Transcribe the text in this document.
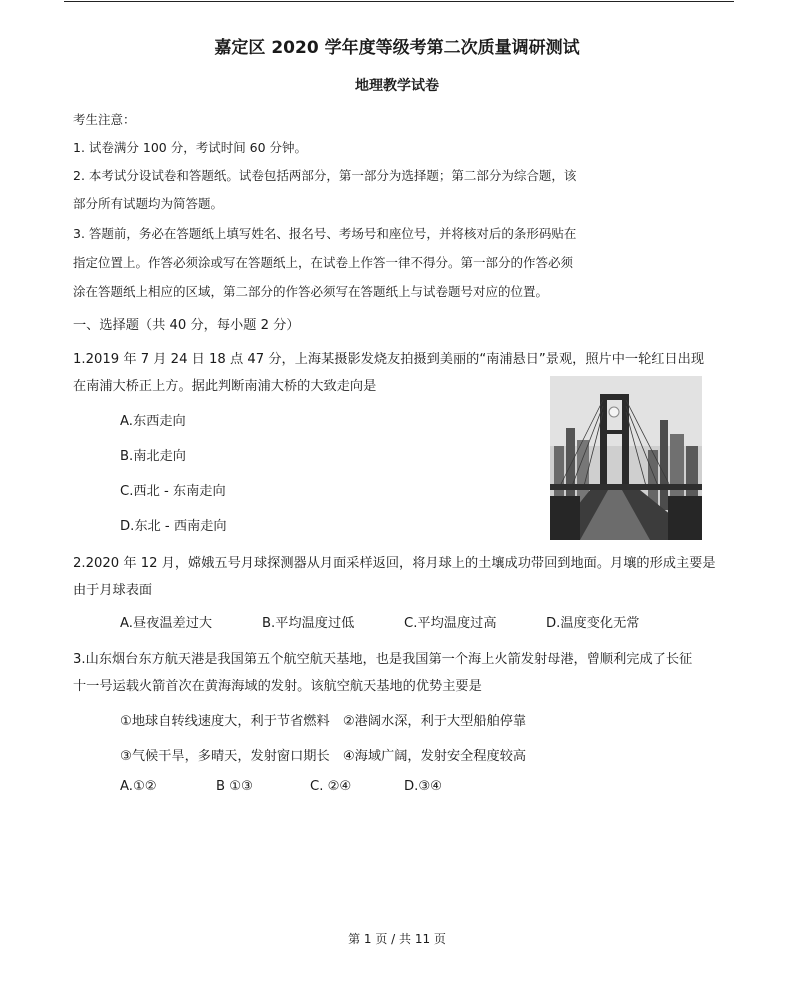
嘉定区 2020 学年度等级考第二次质量调研测试
地理教学试卷
考生注意：
1. 试卷满分 100 分，考试时间 60 分钟。
2. 本考试分设试卷和答题纸。试卷包括两部分，第一部分为选择题；第二部分为综合题，该
部分所有试题均为简答题。
3. 答题前，务必在答题纸上填写姓名、报名号、考场号和座位号，并将核对后的条形码贴在
指定位置上。作答必须涂或写在答题纸上，在试卷上作答一律不得分。第一部分的作答必须
涂在答题纸上相应的区域，第二部分的作答必须写在答题纸上与试卷题号对应的位置。
一、选择题（共 40 分，每小题 2 分）
1.2019 年 7 月 24 日 18 点 47 分，上海某摄影发烧友拍摄到美丽的“南浦悬日”景观，照片中一轮红日出现
在南浦大桥正上方。据此判断南浦大桥的大致走向是
A.东西走向
B.南北走向
C.西北 - 东南走向
D.东北 - 西南走向
2.2020 年 12 月，嫦娥五号月球探测器从月面采样返回，将月球上的土壤成功带回到地面。月壤的形成主要是
由于月球表面
A.昼夜温差过大	B.平均温度过低	C.平均温度过高	D.温度变化无常
3.山东烟台东方航天港是我国第五个航空航天基地，也是我国第一个海上火箭发射母港，曾顺利完成了长征
十一号运载火箭首次在黄海海域的发射。该航空航天基地的优势主要是
①地球自转线速度大，利于节省燃料　②港阔水深，利于大型船舶停靠
③气候干旱，多晴天，发射窗口期长　④海域广阔，发射安全程度较高
A.①②	B ①③	C. ②④	D.③④
第 1 页 / 共 11 页
